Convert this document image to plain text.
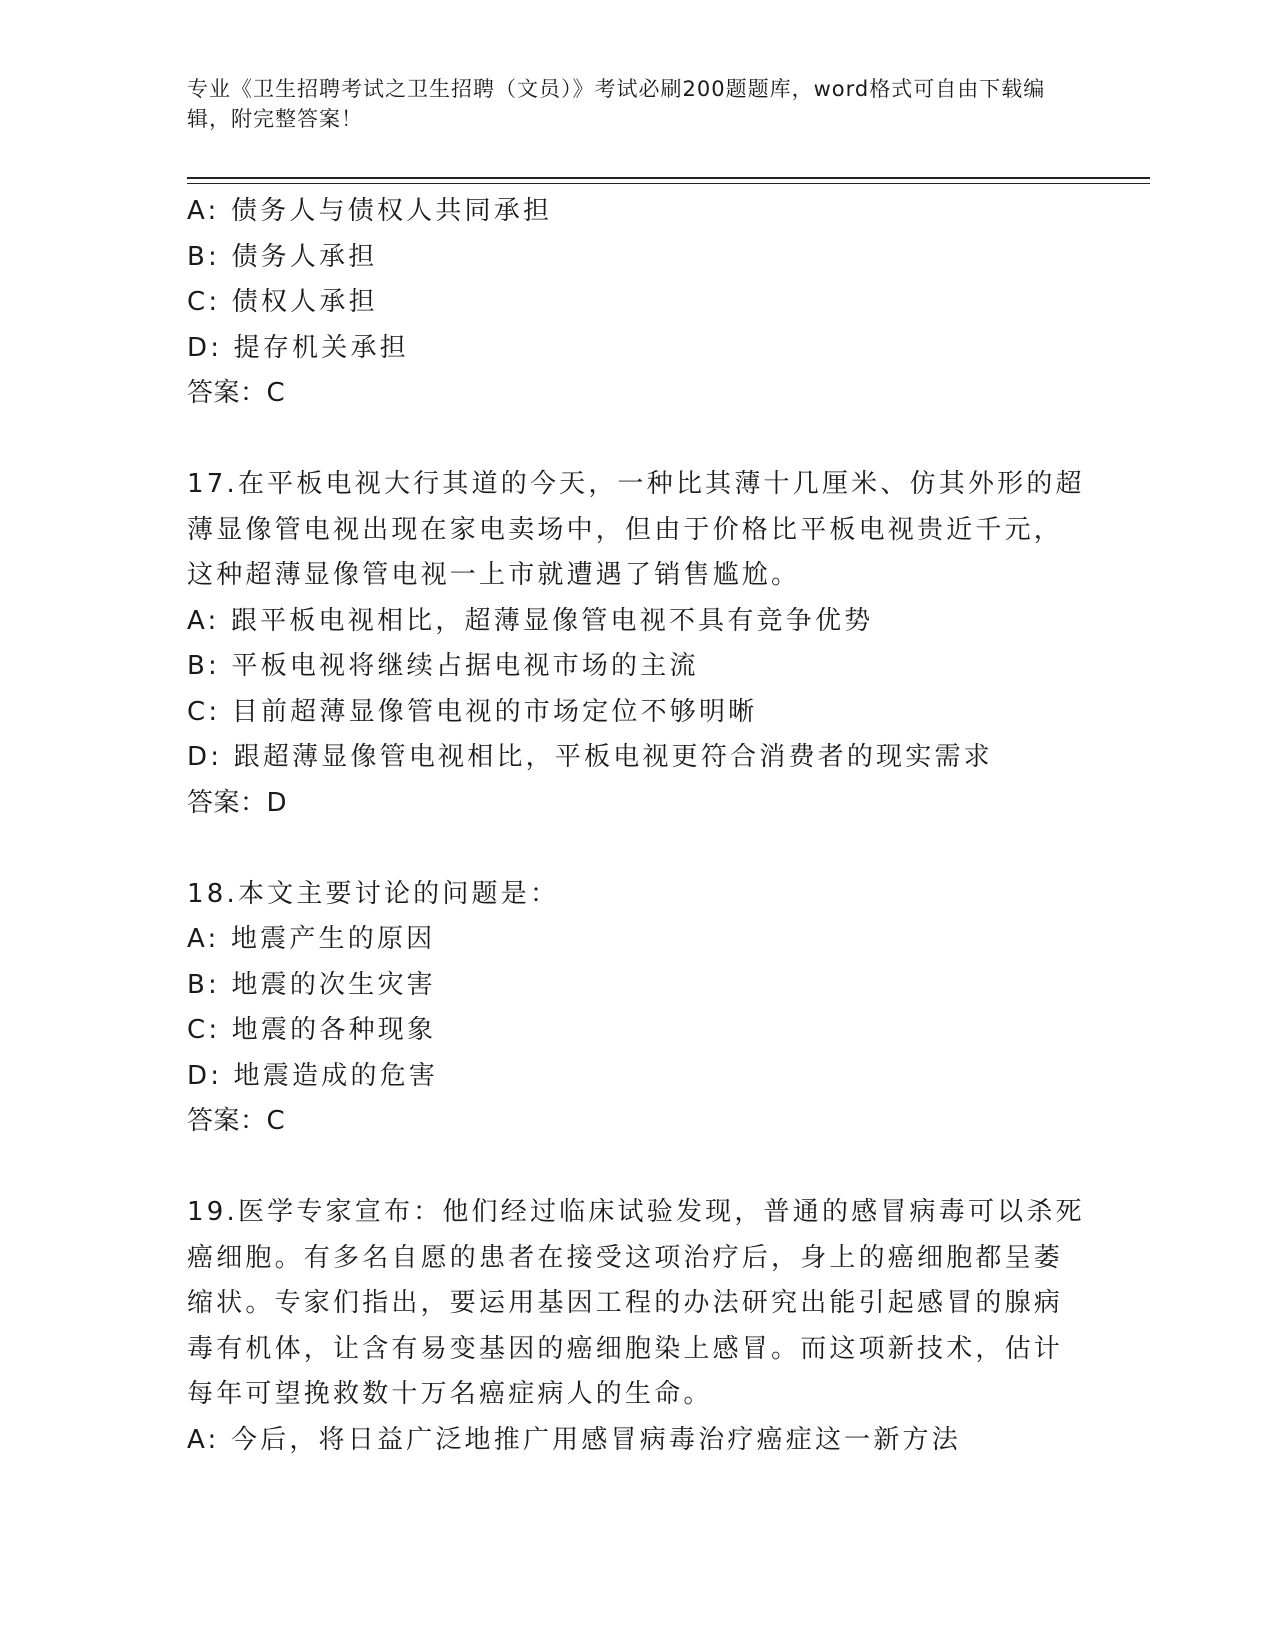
专业《卫生招聘考试之卫生招聘（文员）》考试必刷200题题库，word格式可自由下载编辑，附完整答案！
A: 债务人与债权人共同承担
B: 债务人承担
C: 债权人承担
D: 提存机关承担
答案：C
17.在平板电视大行其道的今天，一种比其薄十几厘米、仿其外形的超
薄显像管电视出现在家电卖场中，但由于价格比平板电视贵近千元，
这种超薄显像管电视一上市就遭遇了销售尴尬。
A: 跟平板电视相比，超薄显像管电视不具有竞争优势
B: 平板电视将继续占据电视市场的主流
C: 目前超薄显像管电视的市场定位不够明晰
D: 跟超薄显像管电视相比，平板电视更符合消费者的现实需求
答案：D
18.本文主要讨论的问题是：
A: 地震产生的原因
B: 地震的次生灾害
C: 地震的各种现象
D: 地震造成的危害
答案：C
19.医学专家宣布：他们经过临床试验发现，普通的感冒病毒可以杀死
癌细胞。有多名自愿的患者在接受这项治疗后，身上的癌细胞都呈萎
缩状。专家们指出，要运用基因工程的办法研究出能引起感冒的腺病
毒有机体，让含有易变基因的癌细胞染上感冒。而这项新技术，估计
每年可望挽救数十万名癌症病人的生命。
A: 今后，将日益广泛地推广用感冒病毒治疗癌症这一新方法
